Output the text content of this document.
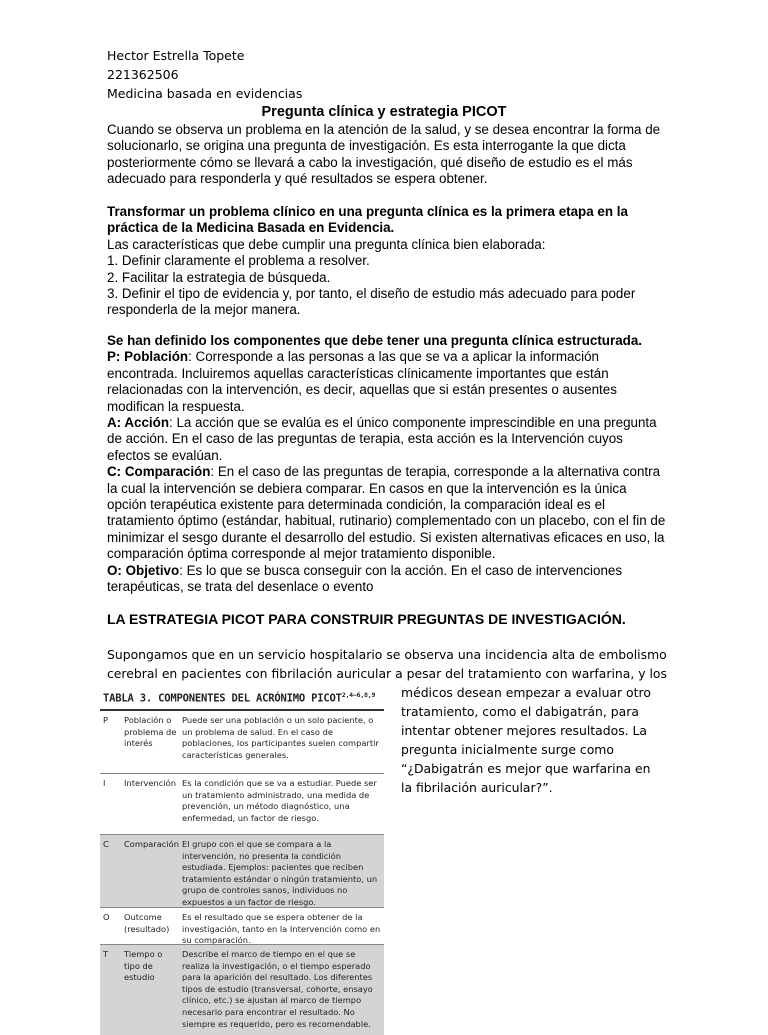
Hector Estrella Topete
221362506
Medicina basada en evidencias
Pregunta clínica y estrategia PICOT
Cuando se observa un problema en la atención de la salud, y se desea encontrar la forma de solucionarlo, se origina una pregunta de investigación. Es esta interrogante la que dicta posteriormente cómo se llevará a cabo la investigación, qué diseño de estudio es el más adecuado para responderla y qué resultados se espera obtener.
Transformar un problema clínico en una pregunta clínica es la primera etapa en la práctica de la Medicina Basada en Evidencia.
Las características que debe cumplir una pregunta clínica bien elaborada:
1. Definir claramente el problema a resolver.
2. Facilitar la estrategia de búsqueda.
3. Definir el tipo de evidencia y, por tanto, el diseño de estudio más adecuado para poder responderla de la mejor manera.
Se han definido los componentes que debe tener una pregunta clínica estructurada.
P: Población: Corresponde a las personas a las que se va a aplicar la información encontrada. Incluiremos aquellas características clínicamente importantes que están relacionadas con la intervención, es decir, aquellas que si están presentes o ausentes modifican la respuesta.
A: Acción: La acción que se evalúa es el único componente imprescindible en una pregunta de acción. En el caso de las preguntas de terapia, esta acción es la Intervención cuyos efectos se evalúan.
C: Comparación: En el caso de las preguntas de terapia, corresponde a la alternativa contra la cual la intervención se debiera comparar. En casos en que la intervención es la única opción terapéutica existente para determinada condición, la comparación ideal es el tratamiento óptimo (estándar, habitual, rutinario) complementado con un placebo, con el fin de minimizar el sesgo durante el desarrollo del estudio. Si existen alternativas eficaces en uso, la comparación óptima corresponde al mejor tratamiento disponible.
O: Objetivo: Es lo que se busca conseguir con la acción. En el caso de intervenciones terapéuticas, se trata del desenlace o evento
LA ESTRATEGIA PICOT PARA CONSTRUIR PREGUNTAS DE INVESTIGACIÓN.
Supongamos que en un servicio hospitalario se observa una incidencia alta de embolismo
cerebral en pacientes con fibrilación auricular a pesar del tratamiento con warfarina, y los
médicos desean empezar a evaluar otro
tratamiento, como el dabigatrán, para
intentar obtener mejores resultados. La
pregunta inicialmente surge como
“¿Dabigatrán es mejor que warfarina en
la fibrilación auricular?”.
TABLA 3. COMPONENTES DEL ACRÓNIMO $PICOT^{2,4—6,8,9}$
P Población o problema de interés
Puede ser una población o un solo paciente, o un problema de salud. En el caso de poblaciones, los participantes suelen compartir características generales.
I Intervención Es la condición que se va a estudiar. Puede ser un tratamiento administrado, una medida de prevención, un método diagnóstico, una enfermedad, un factor de riesgo.
C Comparación El grupo con el que se compara a la intervención, no presenta la condición estudiada. Ejemplos: pacientes que reciben tratamiento estándar o ningún tratamiento, un grupo de controles sanos, individuos no expuestos a un factor de riesgo.
O Outcome (resultado)
Es el resultado que se espera obtener de la investigación, tanto en la Intervención como en su comparación.
T Tiempo o tipo de estudio
Describe el marco de tiempo en el que se realiza la investigación, o el tiempo esperado para la aparición del resultado. Los diferentes tipos de estudio (transversal, cohorte, ensayo clínico, etc.) se ajustan al marco de tiempo necesario para encontrar el resultado. No siempre es requerido, pero es recomendable.
